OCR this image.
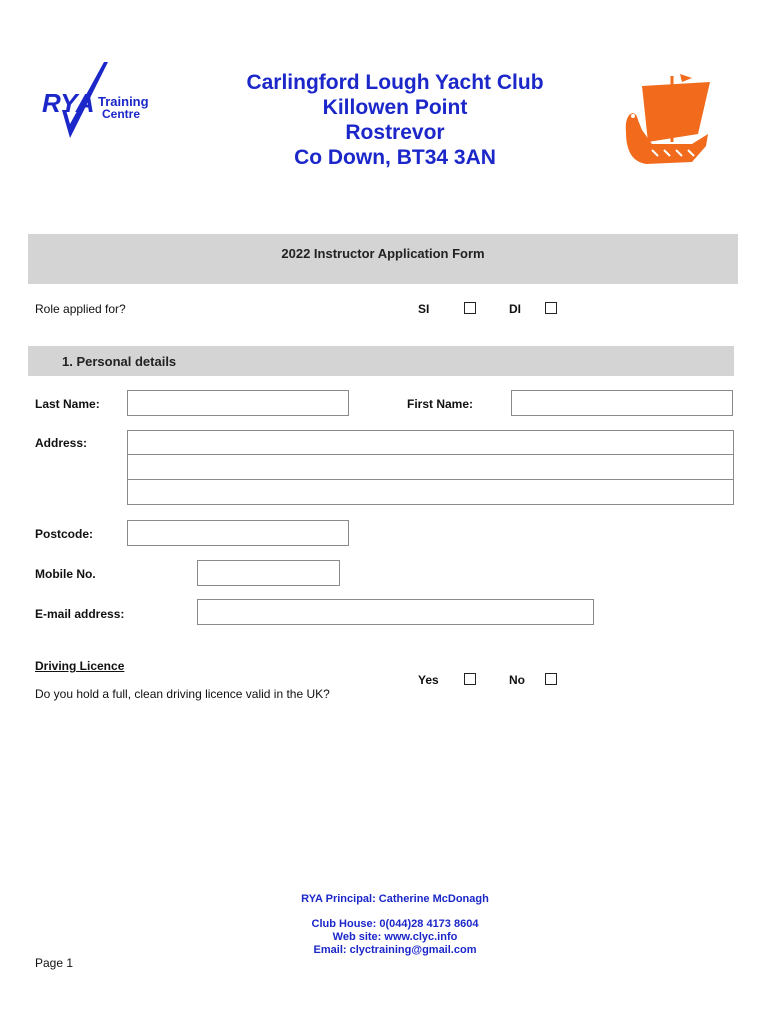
RYA Training
Centre
Carlingford Lough Yacht Club
Killowen Point
Rostrevor
Co Down, BT34 3AN
2022 Instructor Application Form
Role applied for?	SI	DI
1. Personal details
Last Name:	First Name:
Address:
Postcode:
Mobile No.
E-mail address:
Driving Licence
Do you hold a full, clean driving licence valid in the UK?
Yes	No
RYA Principal: Catherine McDonagh
Club House: 0(044)28 4173 8604
Web site: www.clyc.info
Email: clyctraining@gmail.com
Page 1
